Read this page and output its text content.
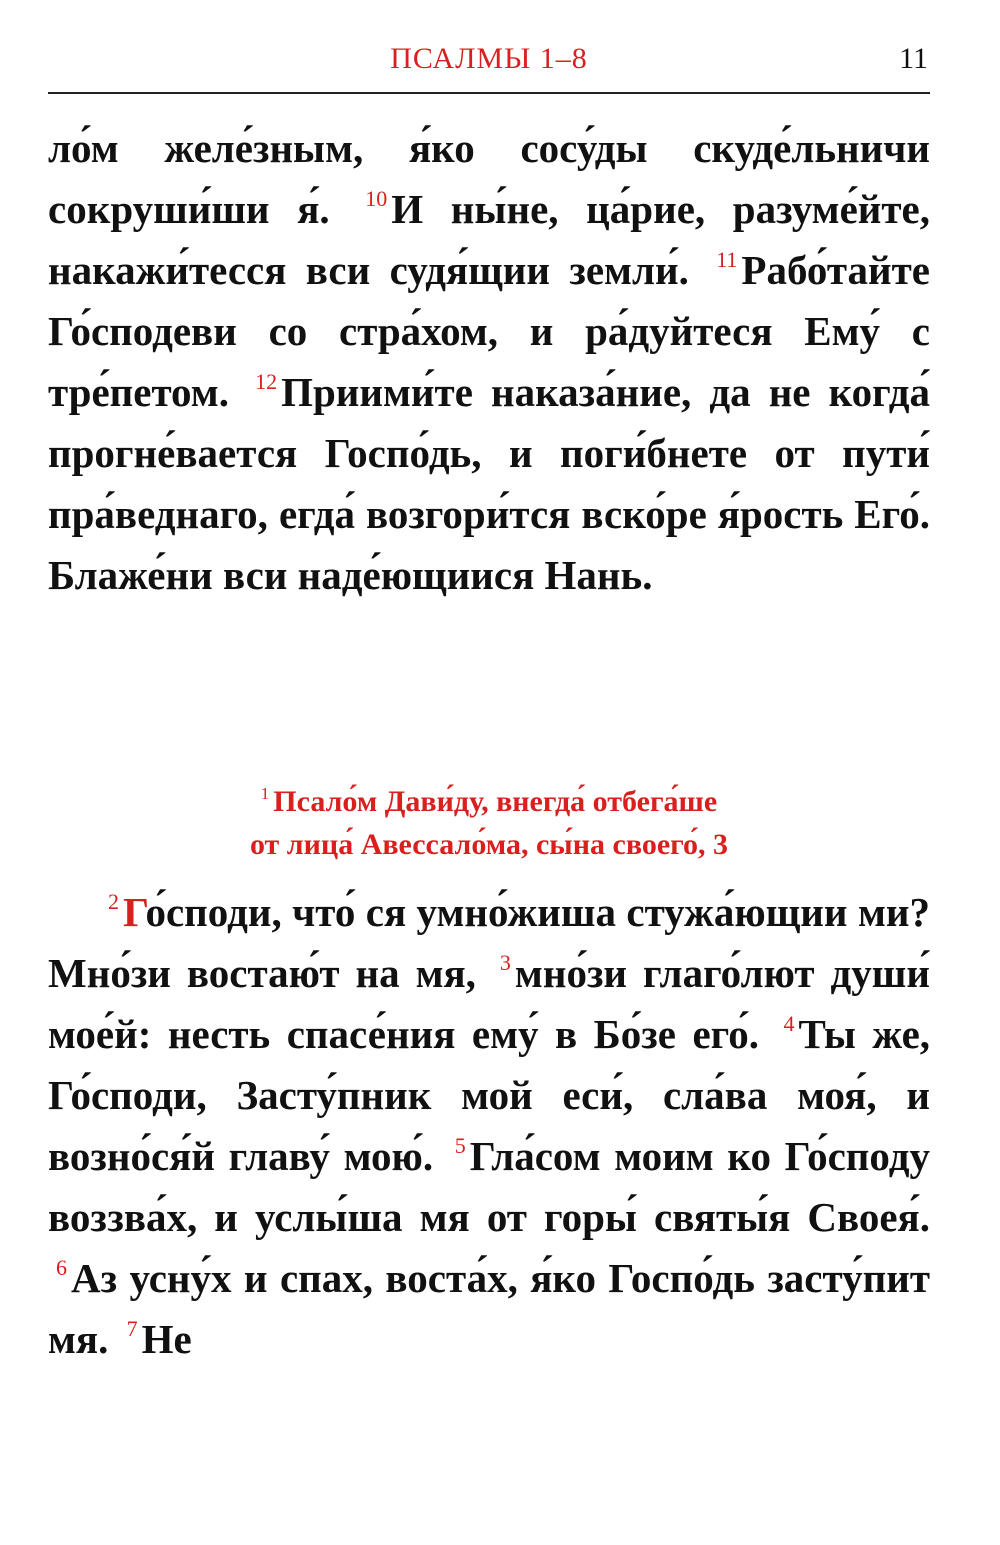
ПСАЛМЫ 1–8	11

ло́м желе́зным, я́ко сосу́ды скуде́льничи сокруши́ши я́. $^{10}$И ны́не, ца́рие, разуме́йте, накажи́тесся вси судя́щии земли́. $^{11}$Рабо́тайте Го́сподеви со стра́хом, и ра́дуйтеся Ему́ с тре́петом. $^{12}$Приими́те наказа́ние, да не когда́ прогне́вается Госпо́дь, и поги́бнете от пути́ пра́веднаго, егда́ возгори́тся вско́ре я́рость Его́. Блаже́ни вси наде́ющиися Нань.

$^1$ Псало́м Дави́ду, внегда́ отбега́ше
от лица́ Авессало́ма, сы́на своего́, 3

$^2$Го́споди, что́ ся умно́жиша стужа́ющии ми? Мно́зи востаю́т на мя, $^3$мно́зи глаго́лют души́ мое́й: несть спасе́ния ему́ в Бо́зе его́. $^4$Ты же, Го́споди, Засту́пник мой еси́, сла́ва моя́, и возно́ся́й главу́ мою́. $^5$Гла́сом моим ко Го́споду воззва́х, и услы́ша мя от горы́ святы́я Своея́. $^6$Аз усну́х и спах, воста́х, я́ко Госпо́дь засту́пит мя. $^7$Не
